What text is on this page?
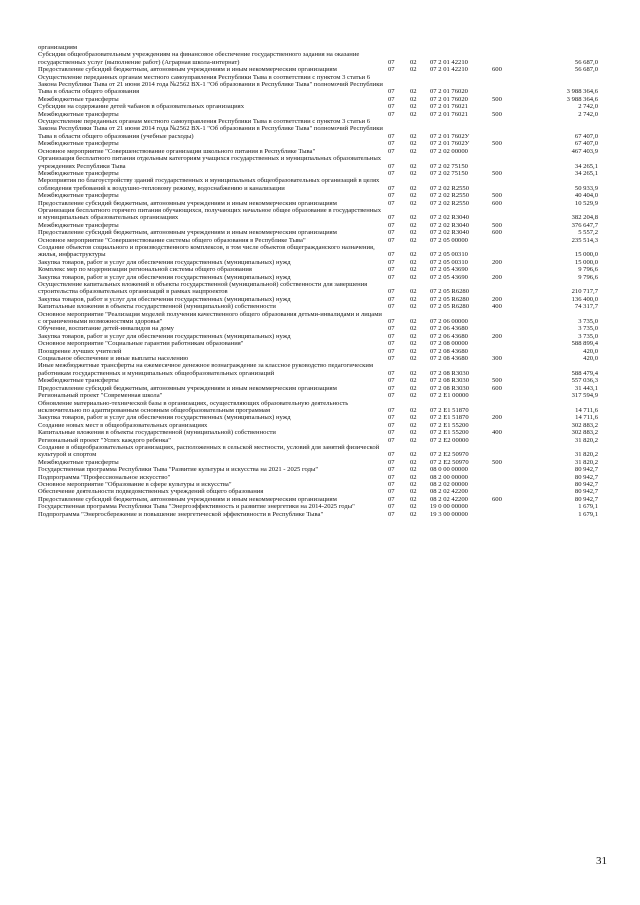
организациям
Субсидии общеобразовательным учреждениям на финансовое обеспечение государственного задания на оказание государственных услуг (выполнение работ) (Аграрная школа-интернат)	07	02	07 2 01 42210	56 687,0
Предоставление субсидий бюджетным, автономным учреждениям и иным некоммерческим организациям	07	02	07 2 01 42210	600	56 687,0
Осуществление переданных органам местного самоуправления Республики Тыва в соответствии с пунктом 3 статьи 6 Закона Республики Тыва от 21 июня 2014 года №2562 ВХ-1 "Об образовании в Республике Тыва" полномочий Республики Тыва в области общего образования	07	02	07 2 01 76020	3 988 364,6
Межбюджетные трансферты	07	02	07 2 01 76020	500	3 988 364,6
Субсидии на содержание детей чабанов в образовательных организациях	07	02	07 2 01 76021	2 742,0
Межбюджетные трансферты	07	02	07 2 01 76021	500	2 742,0
Осуществление переданных органам местного самоуправления Республики Тыва в соответствии с пунктом 3 статьи 6 Закона Республики Тыва от 21 июня 2014 года №2562 ВХ-1 "Об образовании в Республике Тыва" полномочий Республики Тыва в области общего образования (учебные расходы)	07	02	07 2 01 7602У	67 407,0
Межбюджетные трансферты	07	02	07 2 01 7602У	500	67 407,0
Основное мероприятие "Совершенствование организации школьного питания в Республике Тыва"	07	02	07 2 02 00000	467 403,9
Организация бесплатного питания отдельным категориям учащихся государственных и муниципальных образовательных учреждениях Республики Тыва	07	02	07 2 02 75150	34 265,1
Межбюджетные трансферты	07	02	07 2 02 75150	500	34 265,1
Мероприятия по благоустройству зданий государственных и муниципальных общеобразовательных организаций в целях соблюдения требований к воздушно-тепловому режиму, водоснабжению и канализации	07	02	07 2 02 R2550	50 933,9
Межбюджетные трансферты	07	02	07 2 02 R2550	500	40 404,0
Предоставление субсидий бюджетным, автономным учреждениям и иным некоммерческим организациям	07	02	07 2 02 R2550	600	10 529,9
Организация бесплатного горячего питания обучающихся, получающих начальное общее образование в государственных и муниципальных образовательных организациях	07	02	07 2 02 R3040	382 204,8
Межбюджетные трансферты	07	02	07 2 02 R3040	500	376 647,7
Предоставление субсидий бюджетным, автономным учреждениям и иным некоммерческим организациям	07	02	07 2 02 R3040	600	5 557,2
Основное мероприятие "Совершенствование системы общего образования в Республике Тыва"	07	02	07 2 05 00000	235 514,3
Создание объектов социального и производственного комплексов, в том числе объектов общегражданского назначения, жилья, инфраструктуры	07	02	07 2 05 00310	15 000,0
Закупка товаров, работ и услуг для обеспечения государственных (муниципальных) нужд	07	02	07 2 05 00310	200	15 000,0
Комплекс мер по модернизации региональной системы общего образования	07	02	07 2 05 43690	9 796,6
Закупка товаров, работ и услуг для обеспечения государственных (муниципальных) нужд	07	02	07 2 05 43690	200	9 796,6
Осуществление капитальных вложений в объекты государственной (муниципальной) собственности для завершения строительства образовательных организаций в рамках нацпроектов	07	02	07 2 05 R6280	210 717,7
Закупка товаров, работ и услуг для обеспечения государственных (муниципальных) нужд	07	02	07 2 05 R6280	200	136 400,0
Капитальные вложения в объекты государственной (муниципальной) собственности	07	02	07 2 05 R6280	400	74 317,7
Основное мероприятие "Реализация моделей получения качественного общего образования детьми-инвалидами и лицами с ограниченными возможностями здоровья"	07	02	07 2 06 00000	3 735,0
Обучение, воспитание детей-инвалидов на дому	07	02	07 2 06 43680	3 735,0
Закупка товаров, работ и услуг для обеспечения государственных (муниципальных) нужд	07	02	07 2 06 43680	200	3 735,0
Основное мероприятие "Социальные гарантии работникам образования"	07	02	07 2 08 00000	588 899,4
Поощрение лучших учителей	07	02	07 2 08 43680	420,0
Социальное обеспечение и иные выплаты населению	07	02	07 2 08 43680	300	420,0
Иные межбюджетные трансферты на ежемесячное денежное вознаграждение за классное руководство педагогическим работникам государственных и муниципальных общеобразовательных организаций	07	02	07 2 08 R3030	588 479,4
Межбюджетные трансферты	07	02	07 2 08 R3030	500	557 036,3
Предоставление субсидий бюджетным, автономным учреждениям и иным некоммерческим организациям	07	02	07 2 08 R3030	600	31 443,1
Региональный проект "Современная школа"	07	02	07 2 E1 00000	317 594,9
Обновление материально-технической базы в организациях, осуществляющих образовательную деятельность исключительно по адаптированным основным общеобразовательным программам	07	02	07 2 E1 51870	14 711,6
Закупка товаров, работ и услуг для обеспечения государственных (муниципальных) нужд	07	02	07 2 E1 51870	200	14 711,6
Создание новых мест в общеобразовательных организациях	07	02	07 2 E1 55200	302 883,2
Капитальные вложения в объекты государственной (муниципальной) собственности	07	02	07 2 E1 55200	400	302 883,2
Региональный проект "Успех каждого ребенка"	07	02	07 2 E2 00000	31 820,2
Создание в общеобразовательных организациях, расположенных в сельской местности, условий для занятий физической культурой и спортом	07	02	07 2 E2 50970	31 820,2
Межбюджетные трансферты	07	02	07 2 E2 50970	500	31 820,2
Государственная программа Республики Тыва "Развитие культуры и искусства на 2021 - 2025 годы"	07	02	08 0 00 00000	80 942,7
Подпрограмма "Профессиональное искусство"	07	02	08 2 00 00000	80 942,7
Основное мероприятие "Образование в сфере культуры и искусства"	07	02	08 2 02 00000	80 942,7
Обеспечение деятельности подведомственных учреждений общего образования	07	02	08 2 02 42200	80 942,7
Предоставление субсидий бюджетным, автономным учреждениям и иным некоммерческим организациям	07	02	08 2 02 42200	600	80 942,7
Государственная программа Республики Тыва "Энергоэффективность и развитие энергетики на 2014-2025 годы"	07	02	19 0 00 00000	1 679,1
Подпрограмма "Энергосбережение и повышение энергетической эффективности в Республике Тыва"	07	02	19 3 00 00000	1 679,1
31
